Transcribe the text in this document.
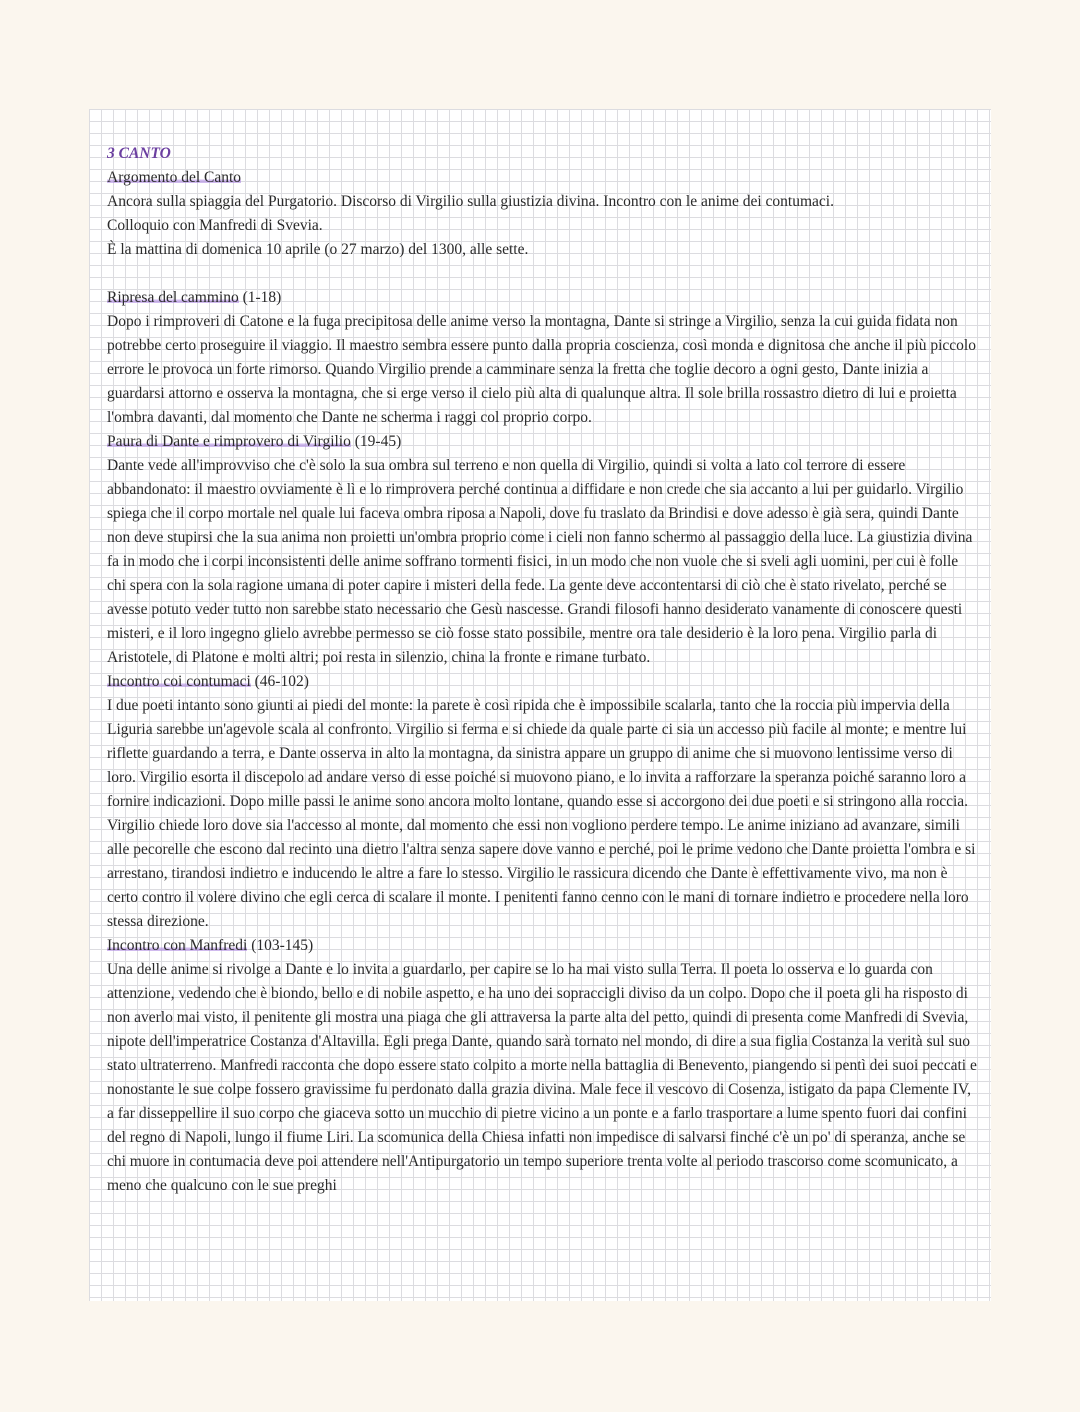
3 CANTO

Argomento del Canto

Ancora sulla spiaggia del Purgatorio. Discorso di Virgilio sulla giustizia divina. Incontro con le anime dei contumaci.

Colloquio con Manfredi di Svevia.

È la mattina di domenica 10 aprile (o 27 marzo) del 1300, alle sette.

Ripresa del cammino (1-18)

Dopo i rimproveri di Catone e la fuga precipitosa delle anime verso la montagna, Dante si stringe a Virgilio, senza la cui guida fidata non potrebbe certo proseguire il viaggio. Il maestro sembra essere punto dalla propria coscienza, così monda e dignitosa che anche il più piccolo errore le provoca un forte rimorso. Quando Virgilio prende a camminare senza la fretta che toglie decoro a ogni gesto, Dante inizia a guardarsi attorno e osserva la montagna, che si erge verso il cielo più alta di qualunque altra. Il sole brilla rossastro dietro di lui e proietta l'ombra davanti, dal momento che Dante ne scherma i raggi col proprio corpo.

Paura di Dante e rimprovero di Virgilio (19-45)

Dante vede all'improvviso che c'è solo la sua ombra sul terreno e non quella di Virgilio, quindi si volta a lato col terrore di essere abbandonato: il maestro ovviamente è lì e lo rimprovera perché continua a diffidare e non crede che sia accanto a lui per guidarlo. Virgilio spiega che il corpo mortale nel quale lui faceva ombra riposa a Napoli, dove fu traslato da Brindisi e dove adesso è già sera, quindi Dante non deve stupirsi che la sua anima non proietti un'ombra proprio come i cieli non fanno schermo al passaggio della luce. La giustizia divina fa in modo che i corpi inconsistenti delle anime soffrano tormenti fisici, in un modo che non vuole che si sveli agli uomini, per cui è folle chi spera con la sola ragione umana di poter capire i misteri della fede. La gente deve accontentarsi di ciò che è stato rivelato, perché se avesse potuto veder tutto non sarebbe stato necessario che Gesù nascesse. Grandi filosofi hanno desiderato vanamente di conoscere questi misteri, e il loro ingegno glielo avrebbe permesso se ciò fosse stato possibile, mentre ora tale desiderio è la loro pena. Virgilio parla di Aristotele, di Platone e molti altri; poi resta in silenzio, china la fronte e rimane turbato.

Incontro coi contumaci (46-102)

I due poeti intanto sono giunti ai piedi del monte: la parete è così ripida che è impossibile scalarla, tanto che la roccia più impervia della Liguria sarebbe un'agevole scala al confronto. Virgilio si ferma e si chiede da quale parte ci sia un accesso più facile al monte; e mentre lui riflette guardando a terra, e Dante osserva in alto la montagna, da sinistra appare un gruppo di anime che si muovono lentissime verso di loro. Virgilio esorta il discepolo ad andare verso di esse poiché si muovono piano, e lo invita a rafforzare la speranza poiché saranno loro a fornire indicazioni. Dopo mille passi le anime sono ancora molto lontane, quando esse si accorgono dei due poeti e si stringono alla roccia. Virgilio chiede loro dove sia l'accesso al monte, dal momento che essi non vogliono perdere tempo. Le anime iniziano ad avanzare, simili alle pecorelle che escono dal recinto una dietro l'altra senza sapere dove vanno e perché, poi le prime vedono che Dante proietta l'ombra e si arrestano, tirandosi indietro e inducendo le altre a fare lo stesso. Virgilio le rassicura dicendo che Dante è effettivamente vivo, ma non è certo contro il volere divino che egli cerca di scalare il monte. I penitenti fanno cenno con le mani di tornare indietro e procedere nella loro stessa direzione.

Incontro con Manfredi (103-145)

Una delle anime si rivolge a Dante e lo invita a guardarlo, per capire se lo ha mai visto sulla Terra. Il poeta lo osserva e lo guarda con attenzione, vedendo che è biondo, bello e di nobile aspetto, e ha uno dei sopraccigli diviso da un colpo. Dopo che il poeta gli ha risposto di non averlo mai visto, il penitente gli mostra una piaga che gli attraversa la parte alta del petto, quindi di presenta come Manfredi di Svevia, nipote dell'imperatrice Costanza d'Altavilla. Egli prega Dante, quando sarà tornato nel mondo, di dire a sua figlia Costanza la verità sul suo stato ultraterreno. Manfredi racconta che dopo essere stato colpito a morte nella battaglia di Benevento, piangendo si pentì dei suoi peccati e nonostante le sue colpe fossero gravissime fu perdonato dalla grazia divina. Male fece il vescovo di Cosenza, istigato da papa Clemente IV, a far disseppellire il suo corpo che giaceva sotto un mucchio di pietre vicino a un ponte e a farlo trasportare a lume spento fuori dai confini del regno di Napoli, lungo il fiume Liri. La scomunica della Chiesa infatti non impedisce di salvarsi finché c'è un po' di speranza, anche se chi muore in contumacia deve poi attendere nell'Antipurgatorio un tempo superiore trenta volte al periodo trascorso come scomunicato, a meno che qualcuno con le sue preghi
